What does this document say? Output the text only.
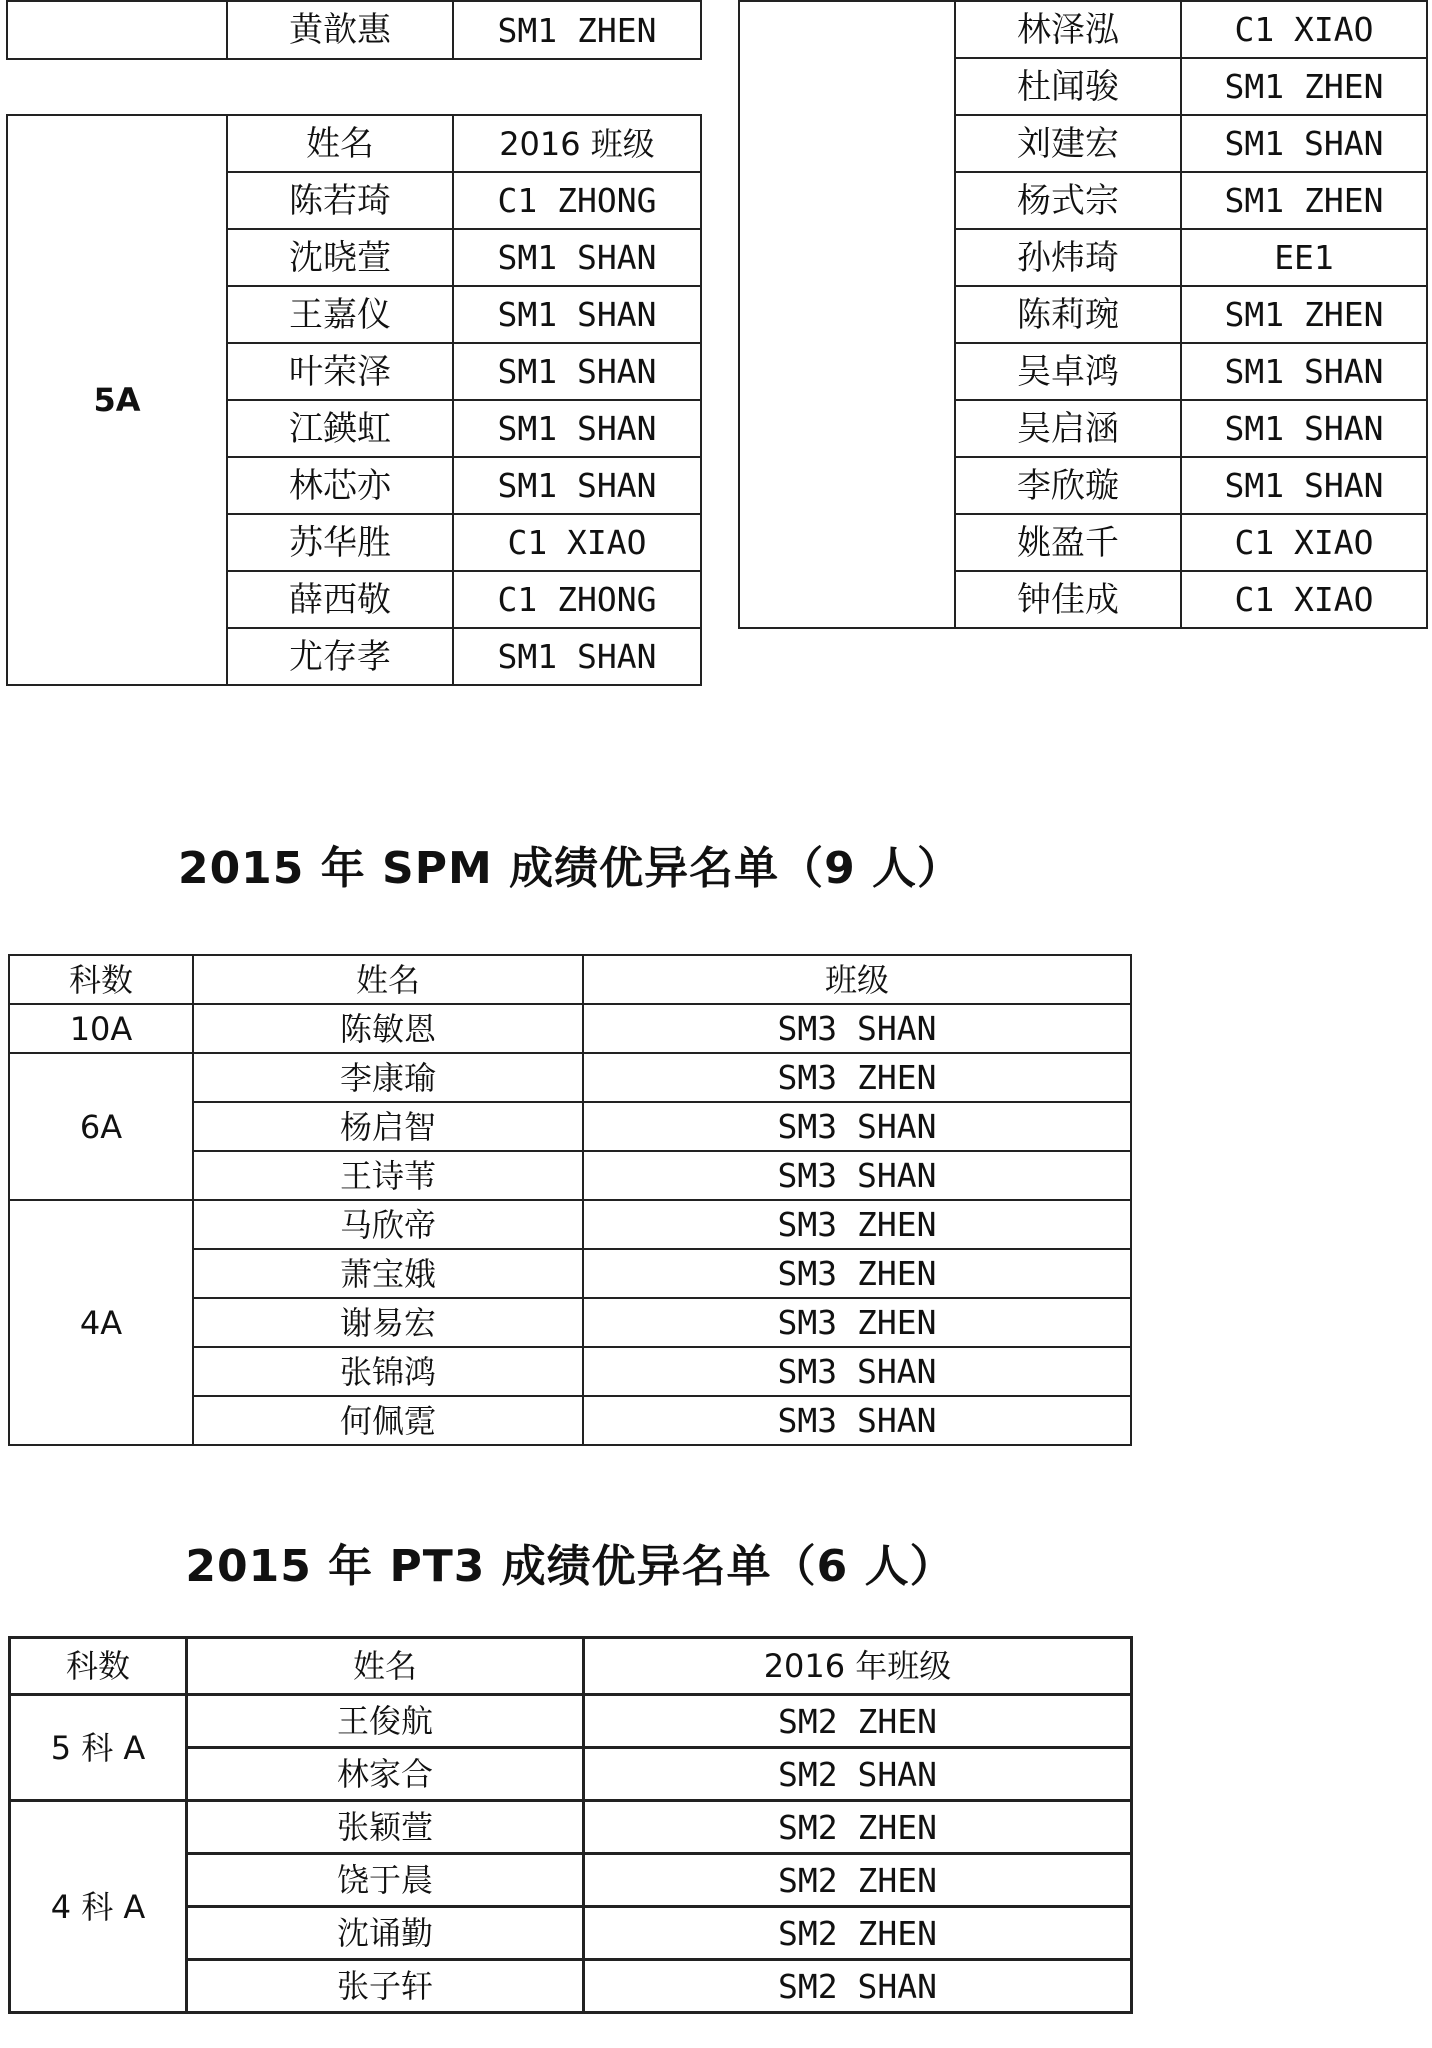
	黄歆惠	SM1 ZHEN

5A	姓名	2016 班级
	陈若琦	C1 ZHONG
	沈晓萱	SM1 SHAN
	王嘉仪	SM1 SHAN
	叶荣泽	SM1 SHAN
	江鍈虹	SM1 SHAN
	林芯亦	SM1 SHAN
	苏华胜	C1 XIAO
	薛西敬	C1 ZHONG
	尤存孝	SM1 SHAN
	林泽泓	C1 XIAO
	杜闻骏	SM1 ZHEN
	刘建宏	SM1 SHAN
	杨式宗	SM1 ZHEN
	孙炜琦	EE1
	陈莉琬	SM1 ZHEN
	吴卓鸿	SM1 SHAN
	吴启涵	SM1 SHAN
	李欣璇	SM1 SHAN
	姚盈千	C1 XIAO
	钟佳成	C1 XIAO
2015 年 SPM 成绩优异名单（9 人）
科数	姓名	班级
10A	陈敏恩	SM3 SHAN
6A	李康瑜	SM3 ZHEN
	杨启智	SM3 SHAN
	王诗苇	SM3 SHAN
4A	马欣帝	SM3 ZHEN
	萧宝娥	SM3 ZHEN
	谢易宏	SM3 ZHEN
	张锦鸿	SM3 SHAN
	何佩霓	SM3 SHAN
2015 年 PT3 成绩优异名单（6 人）
科数	姓名	2016 年班级
5 科 A	王俊航	SM2 ZHEN
	林家合	SM2 SHAN
4 科 A	张颖萱	SM2 ZHEN
	饶于晨	SM2 ZHEN
	沈诵勤	SM2 ZHEN
	张子轩	SM2 SHAN
